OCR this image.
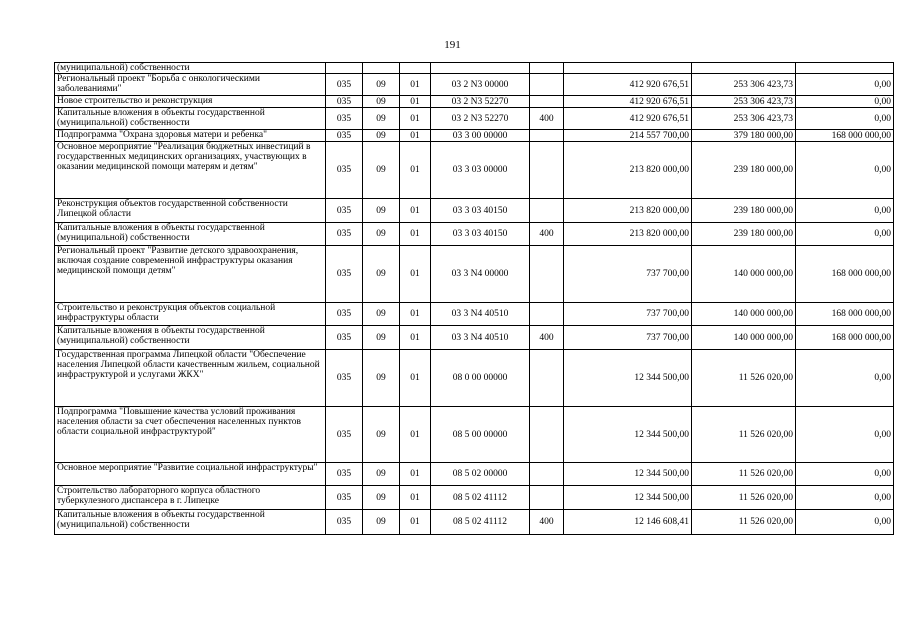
191
(муниципальной) собственности								
Региональный проект "Борьба с онкологическими заболеваниями"	035	09	01	03 2 N3 00000		412 920 676,51	253 306 423,73	0,00
Новое строительство и реконструкция	035	09	01	03 2 N3 52270		412 920 676,51	253 306 423,73	0,00
Капитальные вложения в объекты государственной (муниципальной) собственности	035	09	01	03 2 N3 52270	400	412 920 676,51	253 306 423,73	0,00
Подпрограмма "Охрана здоровья матери и ребенка"	035	09	01	03 3 00 00000		214 557 700,00	379 180 000,00	168 000 000,00
Основное мероприятие "Реализация бюджетных инвестиций в государственных медицинских организациях, участвующих в оказании медицинской помощи матерям и детям"	035	09	01	03 3 03 00000		213 820 000,00	239 180 000,00	0,00
Реконструкция объектов государственной собственности Липецкой области	035	09	01	03 3 03 40150		213 820 000,00	239 180 000,00	0,00
Капитальные вложения в объекты государственной (муниципальной) собственности	035	09	01	03 3 03 40150	400	213 820 000,00	239 180 000,00	0,00
Региональный проект "Развитие детского здравоохранения, включая создание современной инфраструктуры оказания медицинской помощи детям"	035	09	01	03 3 N4 00000		737 700,00	140 000 000,00	168 000 000,00
Строительство и реконструкция объектов социальной инфраструктуры области	035	09	01	03 3 N4 40510		737 700,00	140 000 000,00	168 000 000,00
Капитальные вложения в объекты государственной (муниципальной) собственности	035	09	01	03 3 N4 40510	400	737 700,00	140 000 000,00	168 000 000,00
Государственная программа Липецкой области "Обеспечение населения Липецкой области качественным жильем, социальной инфраструктурой и услугами ЖКХ"	035	09	01	08 0 00 00000		12 344 500,00	11 526 020,00	0,00
Подпрограмма "Повышение качества условий проживания населения области за счет обеспечения населенных пунктов области социальной инфраструктурой"	035	09	01	08 5 00 00000		12 344 500,00	11 526 020,00	0,00
Основное мероприятие "Развитие социальной инфраструктуры"	035	09	01	08 5 02 00000		12 344 500,00	11 526 020,00	0,00
Строительство лабораторного корпуса областного туберкулезного диспансера в г. Липецке	035	09	01	08 5 02 41112		12 344 500,00	11 526 020,00	0,00
Капитальные вложения в объекты государственной (муниципальной) собственности	035	09	01	08 5 02 41112	400	12 146 608,41	11 526 020,00	0,00
